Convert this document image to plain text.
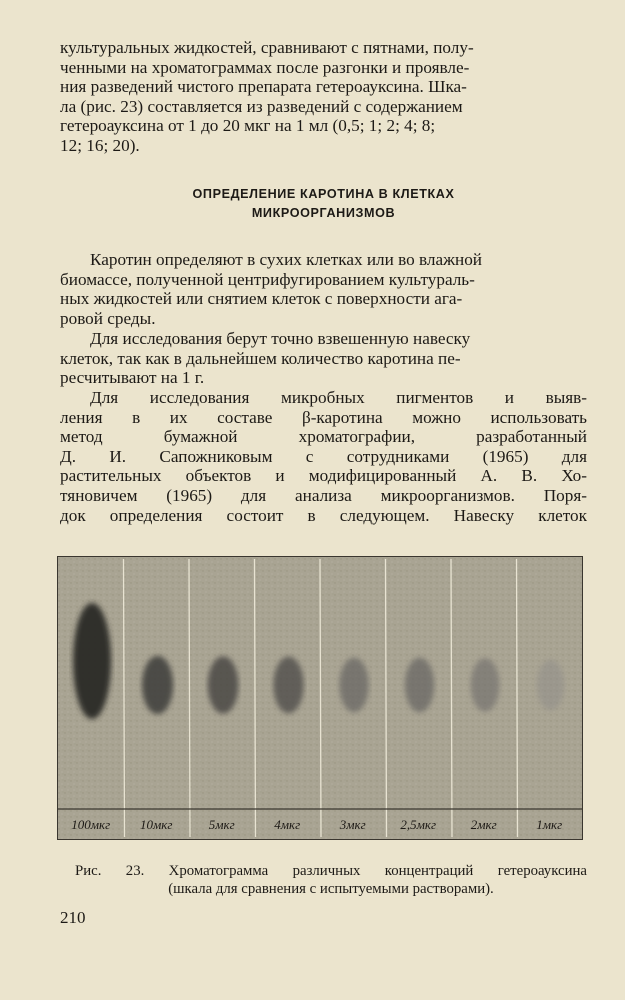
культуральных жидкостей, сравнивают с пятнами, полу-
ченными на хроматограммах после разгонки и проявле-
ния разведений чистого препарата гетероауксина. Шка-
ла (рис. 23) составляется из разведений с содержанием
гетероауксина от 1 до 20 мкг на 1 мл (0,5; 1; 2; 4; 8;
12; 16; 20).

ОПРЕДЕЛЕНИЕ КАРОТИНА В КЛЕТКАХ
МИКРООРГАНИЗМОВ

Каротин определяют в сухих клетках или во влажной
биомассе, полученной центрифугированием культураль-
ных жидкостей или снятием клеток с поверхности ага-
ровой среды.

Для исследования берут точно взвешенную навеску
клеток, так как в дальнейшем количество каротина пе-
ресчитывают на 1 г.

Для исследования микробных пигментов и выяв-
ления в их составе β-каротина можно использовать
метод бумажной хроматографии, разработанный
Д. И. Сапожниковым с сотрудниками (1965) для
растительных объектов и модифицированный А. В. Хо-
тяновичем (1965) для анализа микроорганизмов. Поря-
док определения состоит в следующем. Навеску клеток

100мкг 10мкг	5мкг	4мкг	3мкг	2,5мкг	2мкг	1мкг

Рис. 23. Хроматограмма различных концентраций гетероауксина
(шкала для сравнения с испытуемыми растворами).

210
